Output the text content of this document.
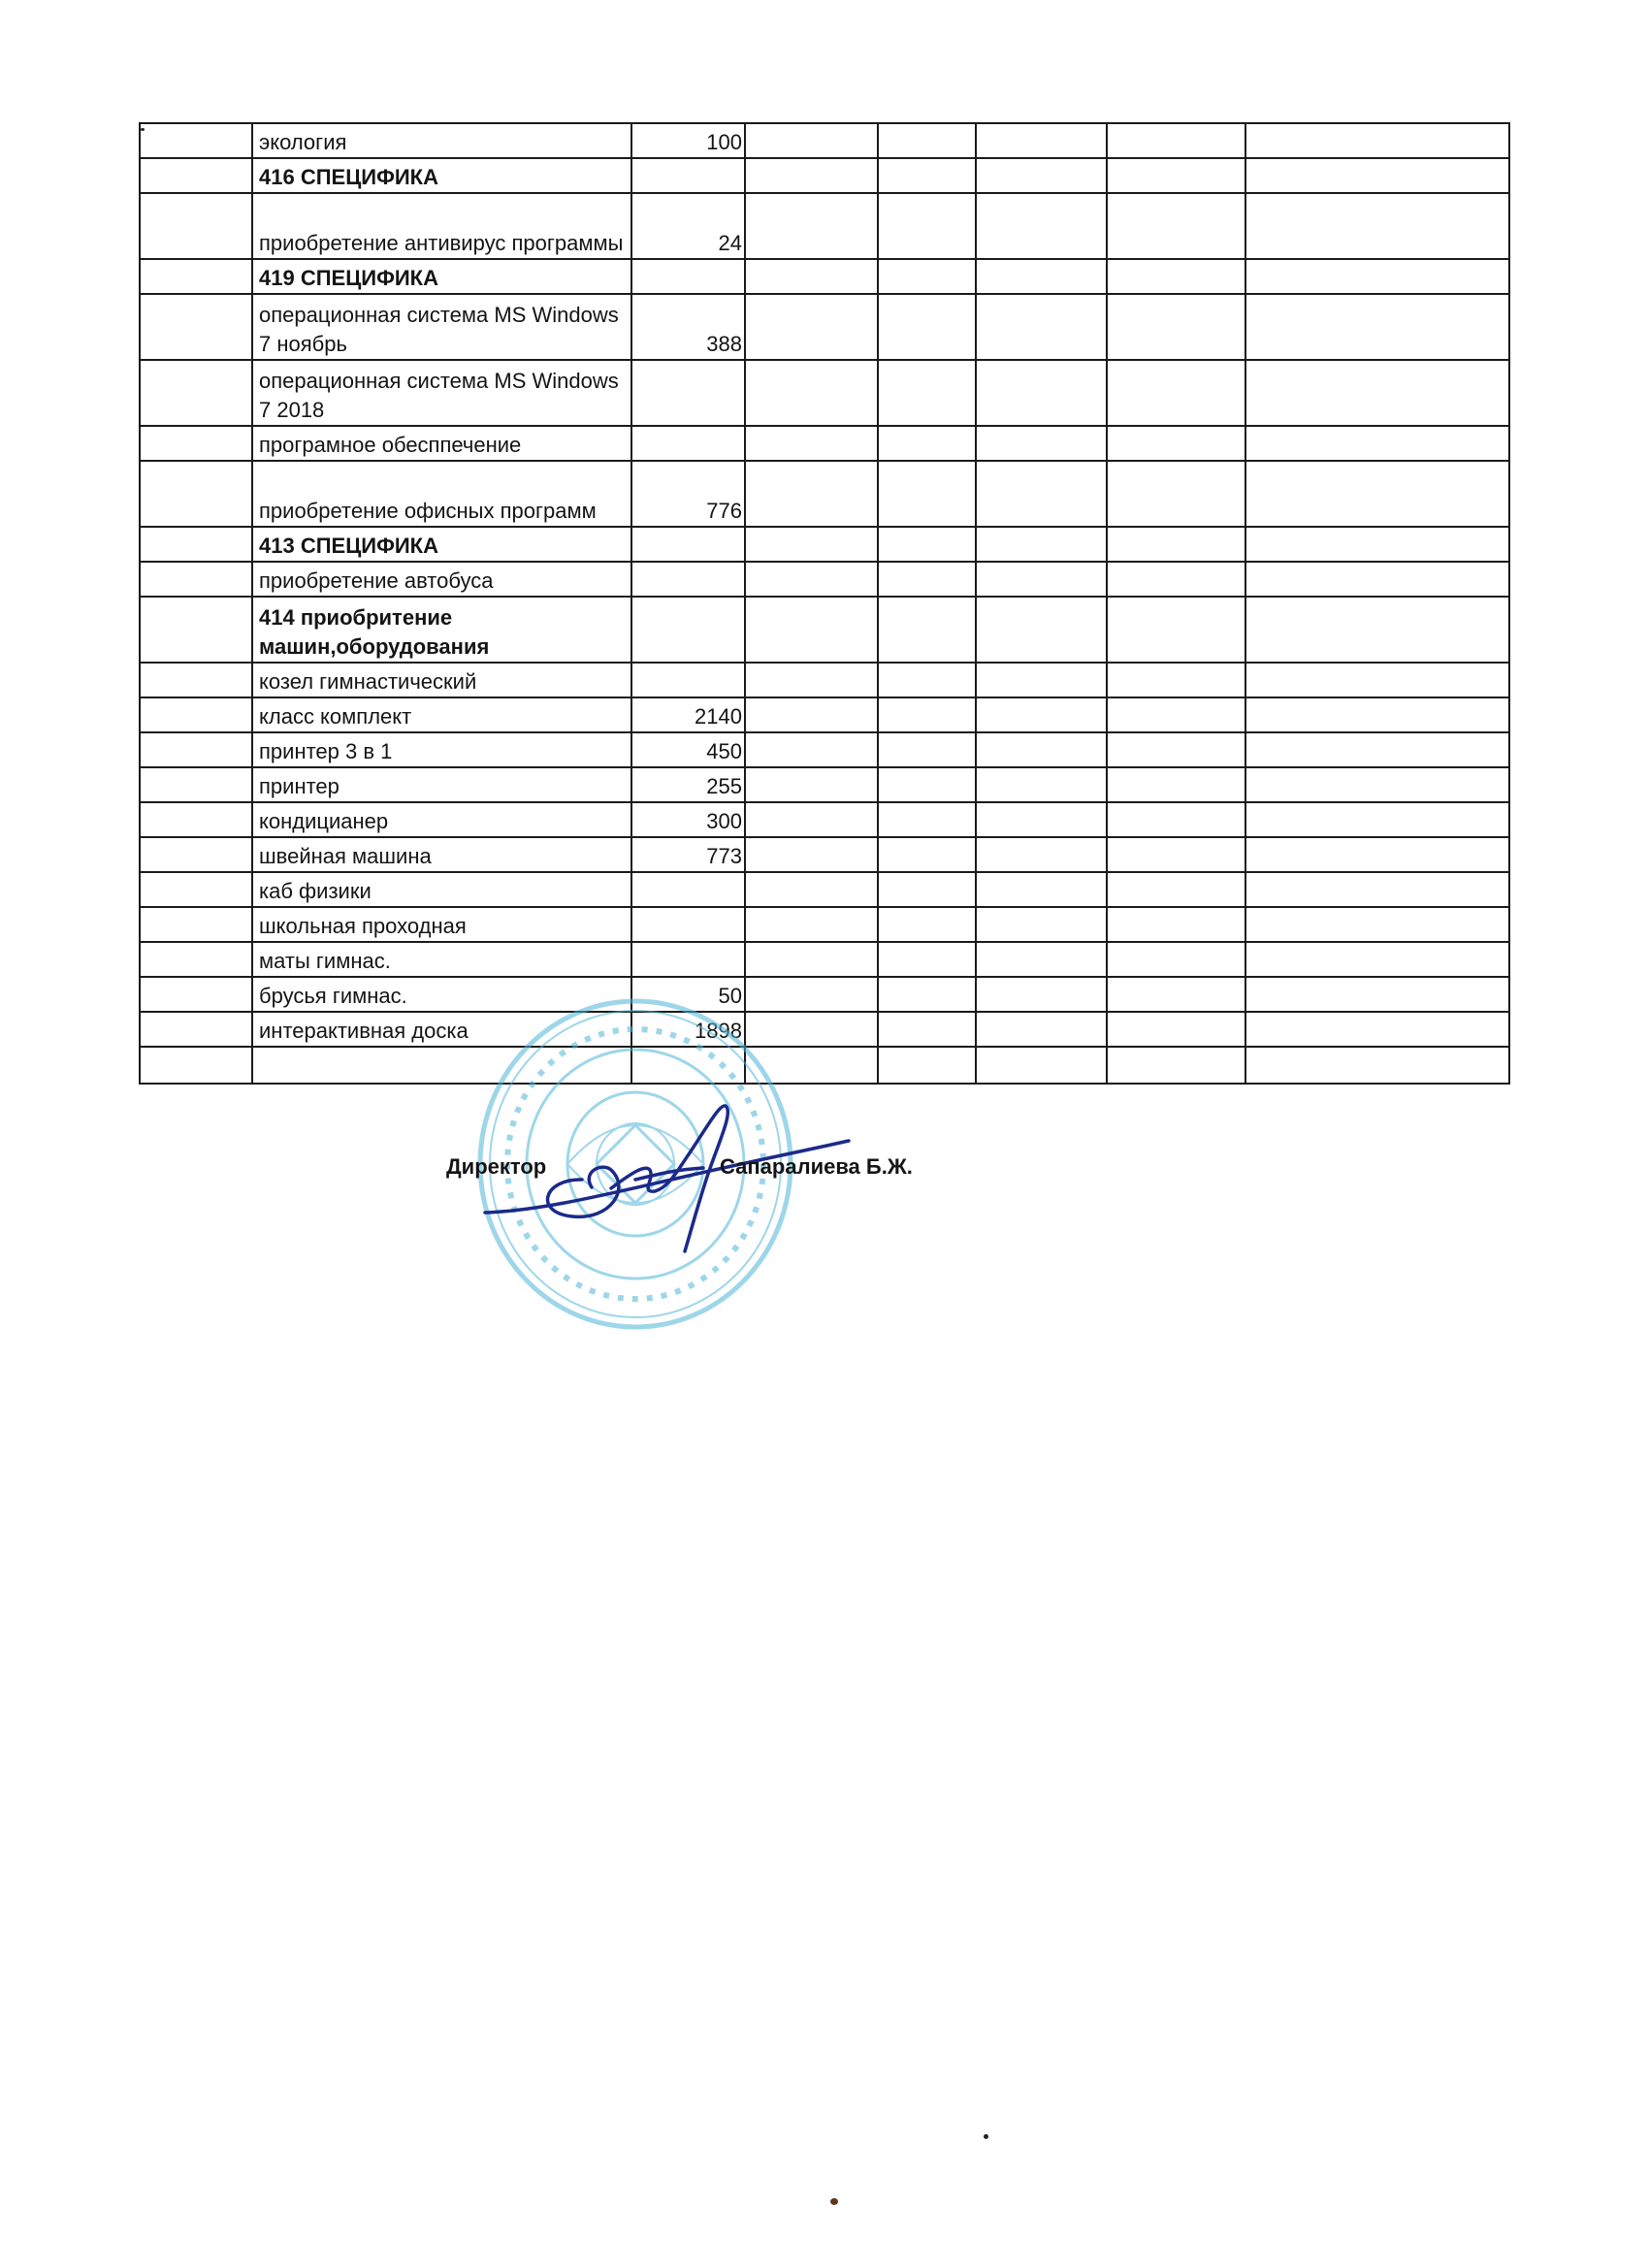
	экология	100					
	416 СПЕЦИФИКА						
	приобретение антивирус программы	24					
	419 СПЕЦИФИКА						
	операционная система MS Windows 7 ноябрь	388					
	операционная система MS Windows 7 2018						
	програмное обесппечение						
	приобретение офисных программ	776					
	413 СПЕЦИФИКА						
	приобретение автобуса						
	414 приобритение машин,оборудования						
	козел гимнастический						
	класс комплект	2140					
	принтер 3 в 1	450					
	принтер	255					
	кондицианер	300					
	швейная машина	773					
	каб физики						
	школьная проходная						
	маты гимнас.						
	брусья гимнас.	50					
	интерактивная доска	1898					

Директор	Сапаралиева Б.Ж.
